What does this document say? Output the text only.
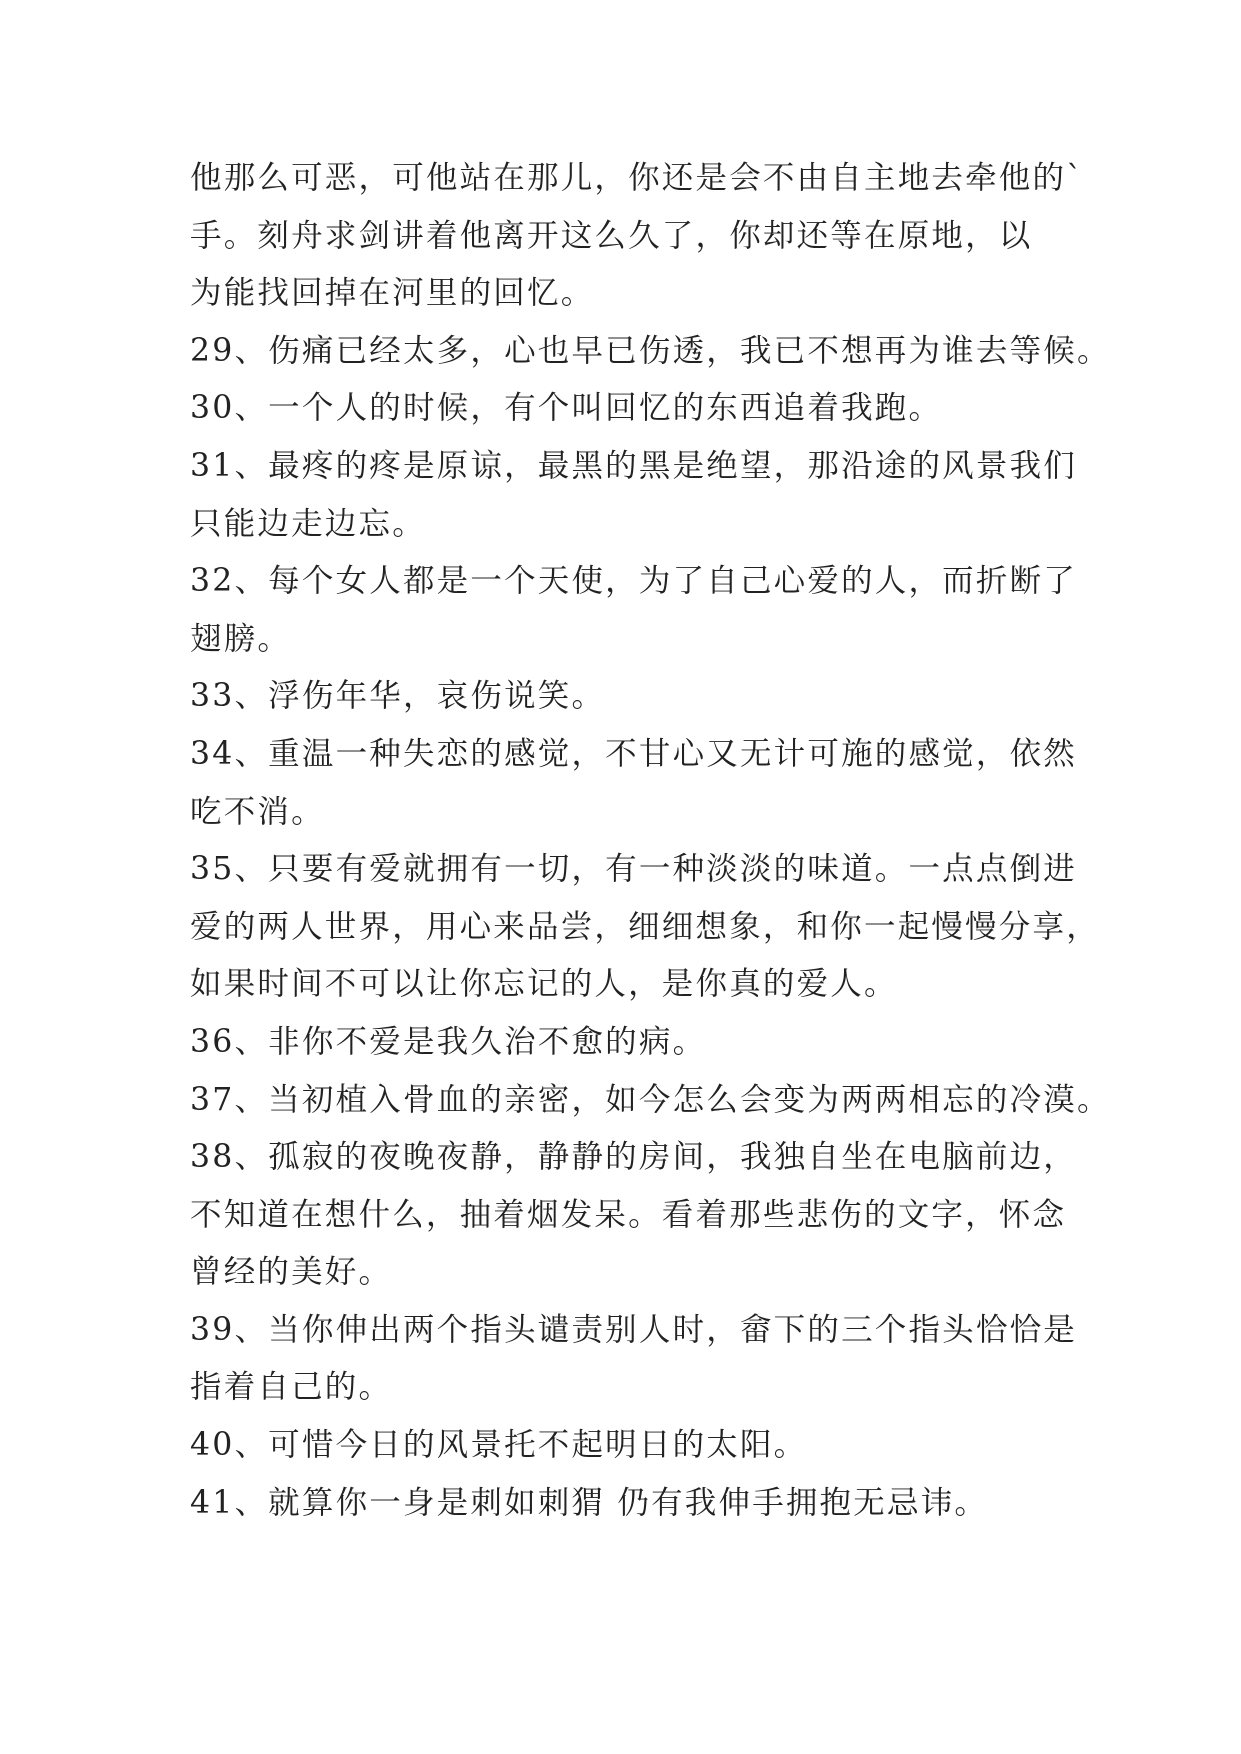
他那么可恶，可他站在那儿，你还是会不由自主地去牵他的`
手。刻舟求剑讲着他离开这么久了，你却还等在原地，以
为能找回掉在河里的回忆。
29、伤痛已经太多，心也早已伤透，我已不想再为谁去等候。
30、一个人的时候，有个叫回忆的东西追着我跑。
31、最疼的疼是原谅，最黑的黑是绝望，那沿途的风景我们
只能边走边忘。
32、每个女人都是一个天使，为了自己心爱的人，而折断了
翅膀。
33、浮伤年华，哀伤说笑。
34、重温一种失恋的感觉，不甘心又无计可施的感觉，依然
吃不消。
35、只要有爱就拥有一切，有一种淡淡的味道。一点点倒进
爱的两人世界，用心来品尝，细细想象，和你一起慢慢分享，
如果时间不可以让你忘记的人，是你真的爱人。
36、非你不爱是我久治不愈的病。
37、当初植入骨血的亲密，如今怎么会变为两两相忘的冷漠。
38、孤寂的夜晚夜静，静静的房间，我独自坐在电脑前边，
不知道在想什么，抽着烟发呆。看着那些悲伤的文字，怀念
曾经的美好。
39、当你伸出两个指头谴责别人时，畲下的三个指头恰恰是
指着自己的。
40、可惜今日的风景托不起明日的太阳。
41、就算你一身是刺如刺猬 仍有我伸手拥抱无忌讳。
